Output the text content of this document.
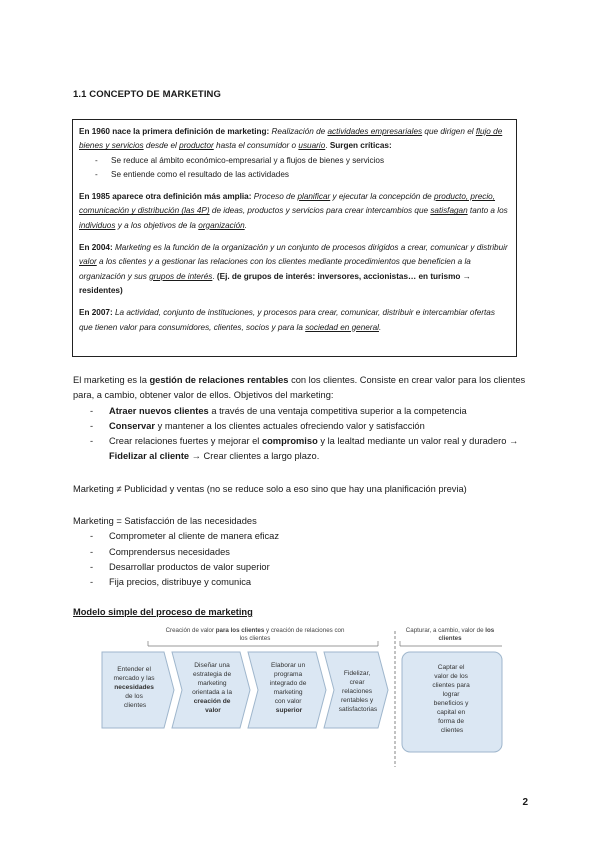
1.1 CONCEPTO DE MARKETING

En 1960 nace la primera definición de marketing: Realización de actividades empresariales que dirigen el flujo de bienes y servicios desde el productor hasta el consumidor o usuario. Surgen críticas:

- Se reduce al ámbito económico-empresarial y a flujos de bienes y servicios
- Se entiende como el resultado de las actividades

En 1985 aparece otra definición más amplia: Proceso de planificar y ejecutar la concepción de producto, precio, comunicación y distribución (las 4P) de ideas, productos y servicios para crear intercambios que satisfagan tanto a los individuos y a los objetivos de la organización.

En 2004: Marketing es la función de la organización y un conjunto de procesos dirigidos a crear, comunicar y distribuir valor a los clientes y a gestionar las relaciones con los clientes mediante procedimientos que beneficien a la organización y sus grupos de interés. (Ej. de grupos de interés: inversores, accionistas… en turismo → residentes)

En 2007: La actividad, conjunto de instituciones, y procesos para crear, comunicar, distribuir e intercambiar ofertas que tienen valor para consumidores, clientes, socios y para la sociedad en general.

El marketing es la gestión de relaciones rentables con los clientes. Consiste en crear valor para los clientes para, a cambio, obtener valor de ellos. Objetivos del marketing:

- Atraer nuevos clientes a través de una ventaja competitiva superior a la competencia
- Conservar y mantener a los clientes actuales ofreciendo valor y satisfacción
- Crear relaciones fuertes y mejorar el compromiso y la lealtad mediante un valor real y duradero → Fidelizar al cliente → Crear clientes a largo plazo.
Marketing ≠ Publicidad y ventas (no se reduce solo a eso sino que hay una planificación previa)

Marketing = Satisfacción de las necesidades

- Comprometer al cliente de manera eficaz
- Comprendersus necesidades
- Desarrollar productos de valor superior
- Fija precios, distribuye y comunica
Modelo simple del proceso de marketing
Creación de valor para los clientes y creación de relaciones con los clientes
Capturar, a cambio, valor de los clientes
Entender el mercado y las necesidades de los clientes
Diseñar una estrategia de marketing orientada a la creación de valor
Elaborar un programa integrado de marketing con valor superior
Fidelizar, crear relaciones rentables y satisfactorias
Captar el valor de los clientes para lograr beneficios y capital en forma de clientes
2
